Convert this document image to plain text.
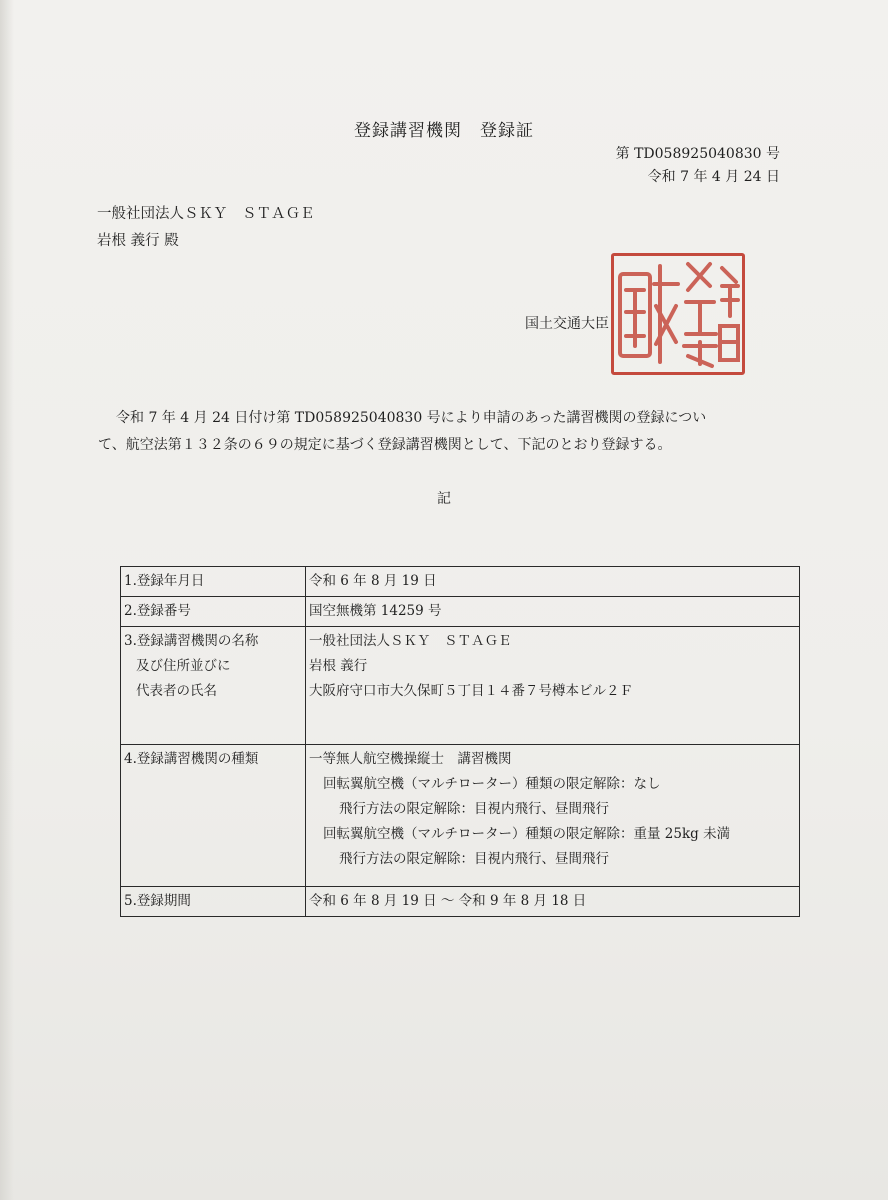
登録講習機関　登録証
第 TD058925040830 号
令和 7 年 4 月 24 日
一般社団法人ＳＫＹ　ＳＴＡＧＥ
岩根 義行 殿
国土交通大臣

令和 7 年 4 月 24 日付け第 TD058925040830 号により申請のあった講習機関の登録につい

て、航空法第１３２条の６９の規定に基づく登録講習機関として、下記のとおり登録する。

記
1.登録年月日	令和 6 年 8 月 19 日

2.登録番号	国空無機第 14259 号

3.登録講習機関の名称
及び住所並びに
代表者の氏名	一般社団法人ＳＫＹ　ＳＴＡＧＥ
岩根 義行
大阪府守口市大久保町５丁目１４番７号樽本ビル２Ｆ

4.登録講習機関の種類	一等無人航空機操縦士　講習機関
回転翼航空機（マルチローター）種類の限定解除：なし
飛行方法の限定解除：目視内飛行、昼間飛行
回転翼航空機（マルチローター）種類の限定解除：重量 25kg 未満
飛行方法の限定解除：目視内飛行、昼間飛行

5.登録期間	令和 6 年 8 月 19 日 ～ 令和 9 年 8 月 18 日
